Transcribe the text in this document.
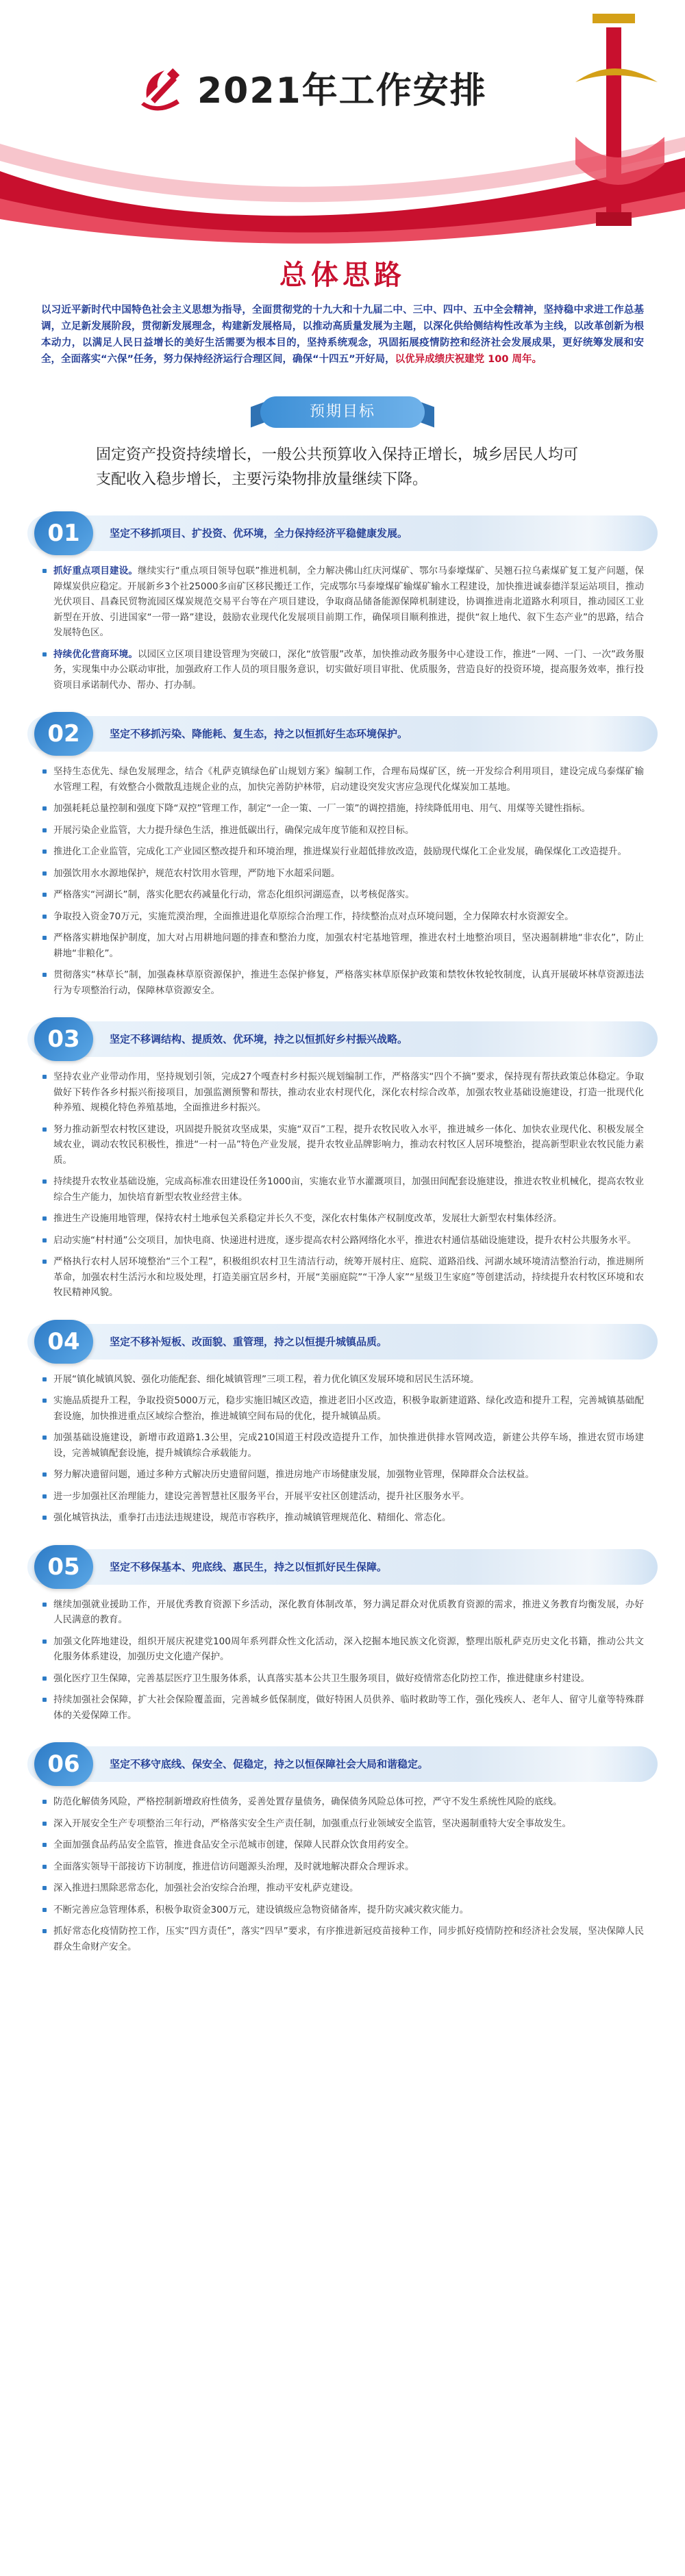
2021年工作安排
总体思路

以习近平新时代中国特色社会主义思想为指导，全面贯彻党的十九大和十九届二中、三中、四中、五中全会精神，坚持稳中求进工作总基调，立足新发展阶段，贯彻新发展理念，构建新发展格局，以推动高质量发展为主题，以深化供给侧结构性改革为主线，以改革创新为根本动力，以满足人民日益增长的美好生活需要为根本目的，坚持系统观念，巩固拓展疫情防控和经济社会发展成果，更好统筹发展和安全，全面落实“六保”任务，努力保持经济运行合理区间，确保“十四五”开好局，以优异成绩庆祝建党 100 周年。

预期目标
固定资产投资持续增长，一般公共预算收入保持正增长，城乡居民人均可支配收入稳步增长，主要污染物排放量继续下降。
01	坚定不移抓项目、扩投资、优环境，全力保持经济平稳健康发展。
抓好重点项目建设。继续实行“重点项目领导包联”推进机制，全力解决佛山红庆河煤矿、鄂尔马泰壕煤矿、吴翘石拉乌素煤矿复工复产问题，保障煤炭供应稳定。开展新乡3个社25000多亩矿区移民搬迁工作，完成鄂尔马泰壕煤矿输煤矿输水工程建设，加快推进诚泰德洋泵运站项目，推动光伏项目、昌森民贸物流园区煤炭规范交易平台等在产项目建设，争取商品储备能源保障机制建设，协调推进南北道路水利项目，推动园区工业新型在开放、引进国家“一带一路”建设，鼓励农业现代化发展项目前期工作，确保项目顺利推进，提供“叙上地代、叙下生态产业”的思路，结合发展特色区。
持续优化营商环境。以园区立区项目建设管理为突破口，深化“放管服”改革，加快推动政务服务中心建设工作，推进“一网、一门、一次”政务服务，实现集中办公联动审批，加强政府工作人员的项目服务意识，切实做好项目审批、优质服务，营造良好的投资环境，提高服务效率，推行投资项目承诺制代办、帮办、打办制。
02	坚定不移抓污染、降能耗、复生态，持之以恒抓好生态环境保护。
坚持生态优先、绿色发展理念，结合《札萨克镇绿色矿山规划方案》编制工作，合理布局煤矿区，统一开发综合利用项目，建设完成乌泰煤矿输水管理工程，有效整合小微散乱违规企业的点，加快完善防护林带，启动建设突发灾害应急现代化煤炭加工基地。
加强耗耗总量控制和强度下降“双控”管理工作，制定“一企一策、一厂一策”的调控措施，持续降低用电、用气、用煤等关键性指标。
开展污染企业监管，大力提升绿色生活，推进低碳出行，确保完成年度节能和双控目标。
推进化工企业监管，完成化工产业园区整改提升和环境治理，推进煤炭行业超低排放改造，鼓励现代煤化工企业发展，确保煤化工改造提升。
加强饮用水水源地保护，规范农村饮用水管理，严防地下水超采问题。
严格落实“河湖长”制，落实化肥农药减量化行动，常态化组织河湖巡查，以考核促落实。
争取投入资金70万元，实施荒漠治理，全面推进退化草原综合治理工作，持续整治点对点环境问题，全力保障农村水资源安全。
严格落实耕地保护制度，加大对占用耕地问题的排查和整治力度，加强农村宅基地管理，推进农村土地整治项目，坚决遏制耕地“非农化”，防止耕地“非粮化”。
贯彻落实“林草长”制，加强森林草原资源保护，推进生态保护修复，严格落实林草原保护政策和禁牧休牧轮牧制度，认真开展破坏林草资源违法行为专项整治行动，保障林草资源安全。
03	坚定不移调结构、提质效、优环境，持之以恒抓好乡村振兴战略。
坚持农业产业带动作用，坚持规划引领，完成27个嘎查村乡村振兴规划编制工作，严格落实“四个不摘”要求，保持现有帮扶政策总体稳定。争取做好下转作各乡村振兴衔接项目，加强监测预警和帮扶，推动农业农村现代化，深化农村综合改革，加强农牧业基础设施建设，打造一批现代化种养殖、规模化特色养殖基地，全面推进乡村振兴。
努力推动新型农村牧区建设，巩固提升脱贫攻坚成果，实施“双百”工程，提升农牧民收入水平，推进城乡一体化、加快农业现代化、积极发展全域农业，调动农牧民积极性，推进“一村一品”特色产业发展，提升农牧业品牌影响力，推动农村牧区人居环境整治，提高新型职业农牧民能力素质。
持续提升农牧业基础设施，完成高标准农田建设任务1000亩，实施农业节水灌溉项目，加强田间配套设施建设，推进农牧业机械化，提高农牧业综合生产能力，加快培育新型农牧业经营主体。
推进生产设施用地管理，保持农村土地承包关系稳定并长久不变，深化农村集体产权制度改革，发展壮大新型农村集体经济。
启动实施“村村通”公交项目，加快电商、快递进村进度，逐步提高农村公路网络化水平，推进农村通信基础设施建设，提升农村公共服务水平。
严格执行农村人居环境整治“三个工程”，积极组织农村卫生清洁行动，统筹开展村庄、庭院、道路沿线、河湖水域环境清洁整治行动，推进厕所革命，加强农村生活污水和垃圾处理，打造美丽宜居乡村，开展“美丽庭院”“干净人家”“星级卫生家庭”等创建活动，持续提升农村牧区环境和农牧民精神风貌。
04	坚定不移补短板、改面貌、重管理，持之以恒提升城镇品质。
开展“镇化城镇风貌、强化功能配套、细化城镇管理”三项工程，着力优化镇区发展环境和居民生活环境。
实施品质提升工程，争取投资5000万元，稳步实施旧城区改造，推进老旧小区改造，积极争取新建道路、绿化改造和提升工程，完善城镇基础配套设施，加快推进重点区域综合整治，推进城镇空间布局的优化，提升城镇品质。
加强基础设施建设，新增市政道路1.3公里，完成210国道王村段改造提升工作，加快推进供排水管网改造，新建公共停车场，推进农贸市场建设，完善城镇配套设施，提升城镇综合承载能力。
努力解决遗留问题，通过多种方式解决历史遗留问题，推进房地产市场健康发展，加强物业管理，保障群众合法权益。
进一步加强社区治理能力，建设完善智慧社区服务平台，开展平安社区创建活动，提升社区服务水平。
强化城管执法，重拳打击违法违规建设，规范市容秩序，推动城镇管理规范化、精细化、常态化。
05	坚定不移保基本、兜底线、惠民生，持之以恒抓好民生保障。
继续加强就业援助工作，开展优秀教育资源下乡活动，深化教育体制改革，努力满足群众对优质教育资源的需求，推进义务教育均衡发展，办好人民满意的教育。
加强文化阵地建设，组织开展庆祝建党100周年系列群众性文化活动，深入挖掘本地民族文化资源，整理出版札萨克历史文化书籍，推动公共文化服务体系建设，加强历史文化遗产保护。
强化医疗卫生保障，完善基层医疗卫生服务体系，认真落实基本公共卫生服务项目，做好疫情常态化防控工作，推进健康乡村建设。
持续加强社会保障，扩大社会保险覆盖面，完善城乡低保制度，做好特困人员供养、临时救助等工作，强化残疾人、老年人、留守儿童等特殊群体的关爱保障工作。
06	坚定不移守底线、保安全、促稳定，持之以恒保障社会大局和谐稳定。
防范化解债务风险，严格控制新增政府性债务，妥善处置存量债务，确保债务风险总体可控，严守不发生系统性风险的底线。
深入开展安全生产专项整治三年行动，严格落实安全生产责任制，加强重点行业领域安全监管，坚决遏制重特大安全事故发生。
全面加强食品药品安全监管，推进食品安全示范城市创建，保障人民群众饮食用药安全。
全面落实领导干部接访下访制度，推进信访问题源头治理，及时就地解决群众合理诉求。
深入推进扫黑除恶常态化，加强社会治安综合治理，推动平安札萨克建设。
不断完善应急管理体系，积极争取资金300万元，建设镇级应急物资储备库，提升防灾减灾救灾能力。
抓好常态化疫情防控工作，压实“四方责任”，落实“四早”要求，有序推进新冠疫苗接种工作，同步抓好疫情防控和经济社会发展，坚决保障人民群众生命财产安全。
